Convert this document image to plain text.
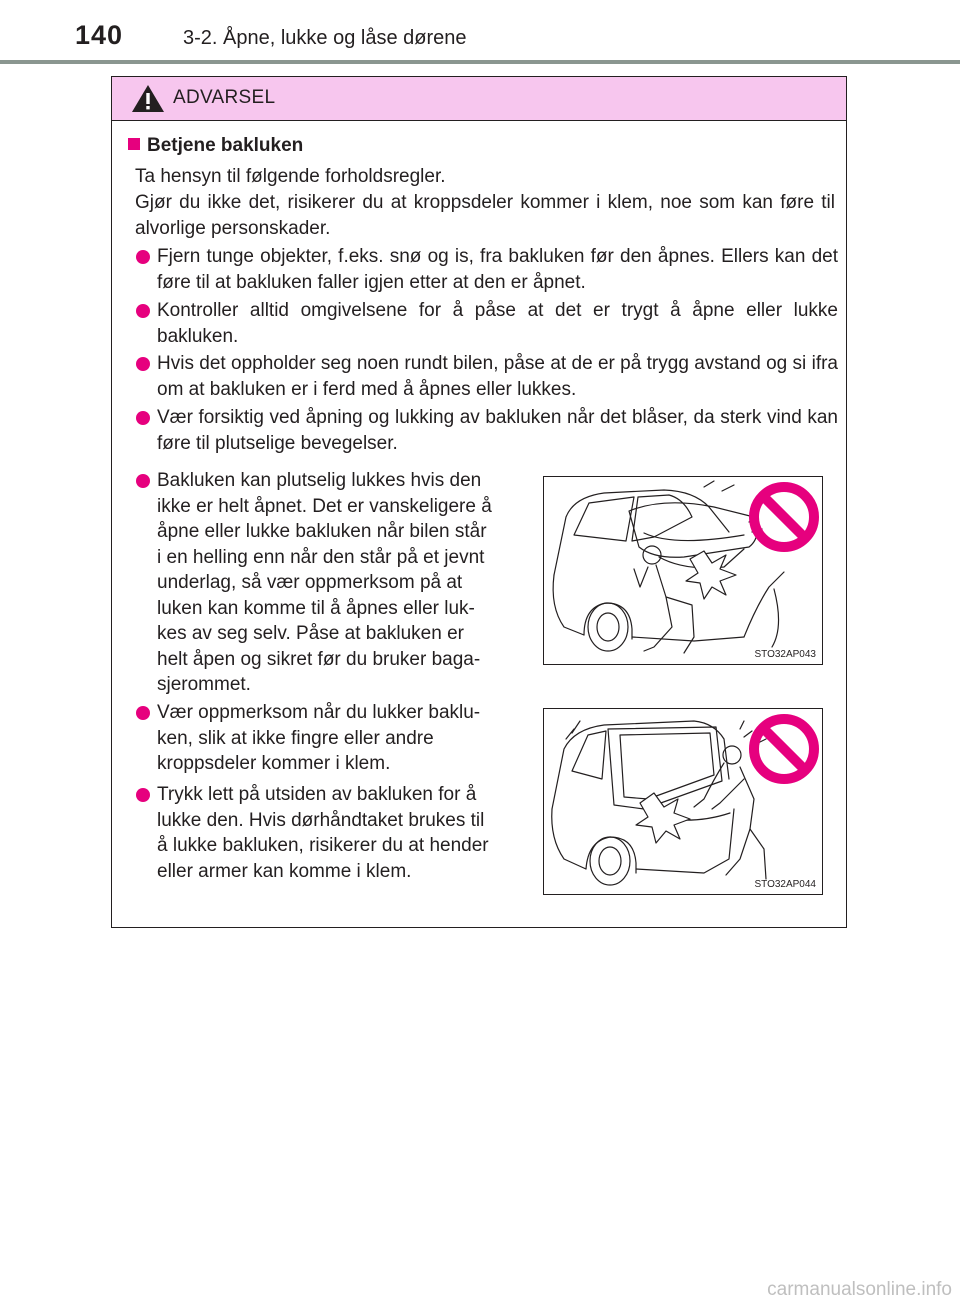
140	3-2. Åpne, lukke og låse dørene
ADVARSEL
Betjene bakluken

Ta hensyn til følgende forholdsregler.

Gjør du ikke det, risikerer du at kroppsdeler kommer i klem, noe som kan føre til alvorlige personskader.

Fjern tunge objekter, f.eks. snø og is, fra bakluken før den åpnes. Ellers kan det føre til at bakluken faller igjen etter at den er åpnet.
Kontroller alltid omgivelsene for å påse at det er trygt å åpne eller lukke bakluken.
Hvis det oppholder seg noen rundt bilen, påse at de er på trygg avstand og si ifra om at bakluken er i ferd med å åpnes eller lukkes.
Vær forsiktig ved åpning og lukking av bakluken når det blåser, da sterk vind kan føre til plutselige bevegelser.
Bakluken kan plutselig lukkes hvis den
ikke er helt åpnet. Det er vanskeligere å
åpne eller lukke bakluken når bilen står
i en helling enn når den står på et jevnt
underlag, så vær oppmerksom på at
luken kan komme til å åpnes eller luk-
kes av seg selv. Påse at bakluken er
helt åpen og sikret før du bruker baga-
sjerommet.
Vær oppmerksom når du lukker baklu-
ken, slik at ikke fingre eller andre
kroppsdeler kommer i klem.
Trykk lett på utsiden av bakluken for å
lukke den. Hvis dørhåndtaket brukes til
å lukke bakluken, risikerer du at hender
eller armer kan komme i klem.
STO32AP043
STO32AP044
carmanualsonline.info
